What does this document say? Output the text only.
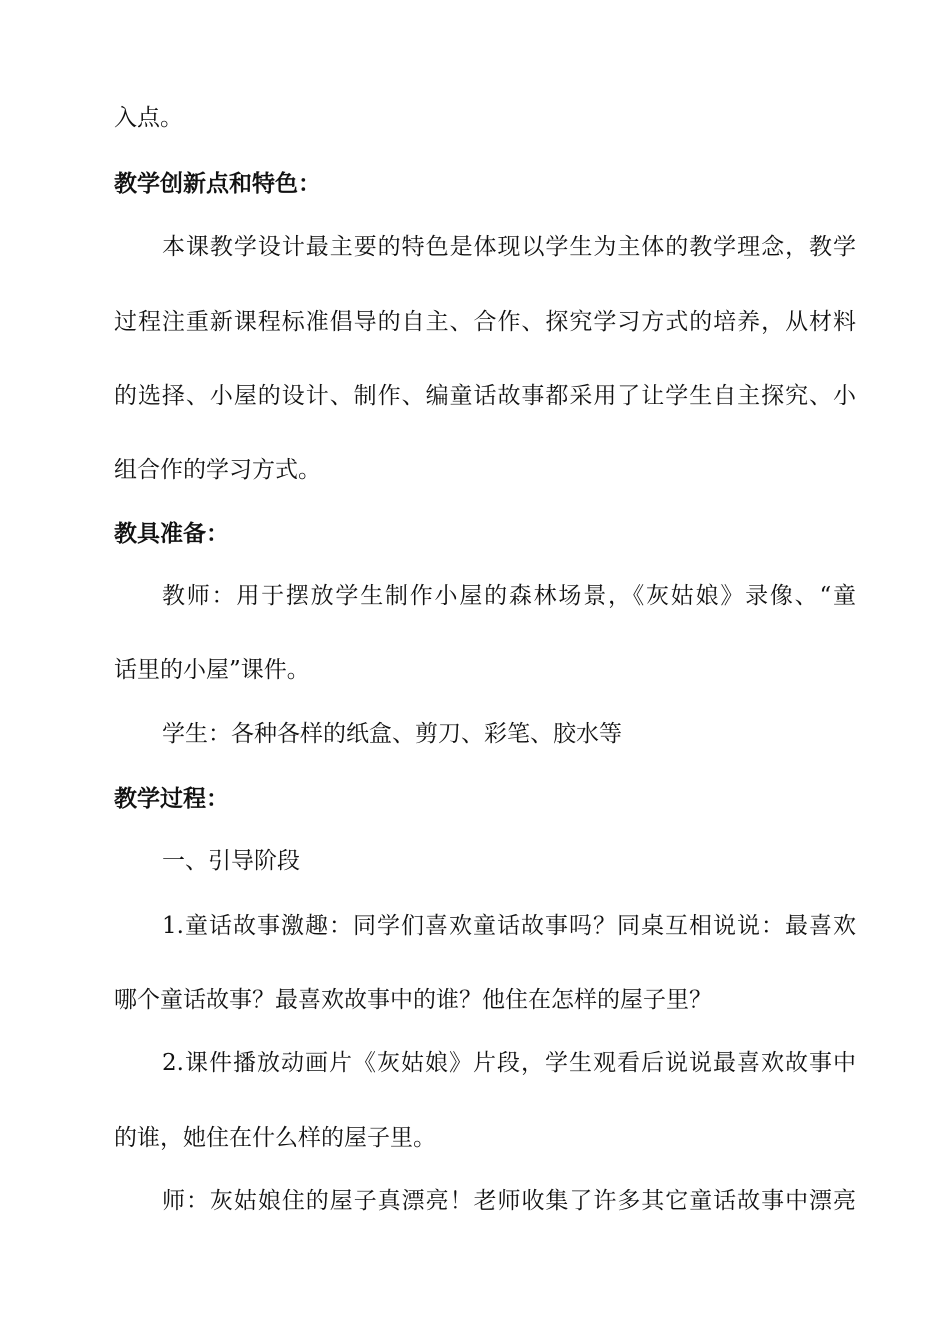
入点。
教学创新点和特色：
本课教学设计最主要的特色是体现以学生为主体的教学理念，教学
过程注重新课程标准倡导的自主、合作、探究学习方式的培养，从材料
的选择、小屋的设计、制作、编童话故事都采用了让学生自主探究、小
组合作的学习方式。
教具准备：
教师：用于摆放学生制作小屋的森林场景，《灰姑娘》录像、“童
话里的小屋”课件。
学生：各种各样的纸盒、剪刀、彩笔、胶水等
教学过程：
一、引导阶段
1.童话故事激趣：同学们喜欢童话故事吗？同桌互相说说：最喜欢
哪个童话故事？最喜欢故事中的谁？他住在怎样的屋子里？
2.课件播放动画片《灰姑娘》片段，学生观看后说说最喜欢故事中
的谁，她住在什么样的屋子里。
师：灰姑娘住的屋子真漂亮！老师收集了许多其它童话故事中漂亮
